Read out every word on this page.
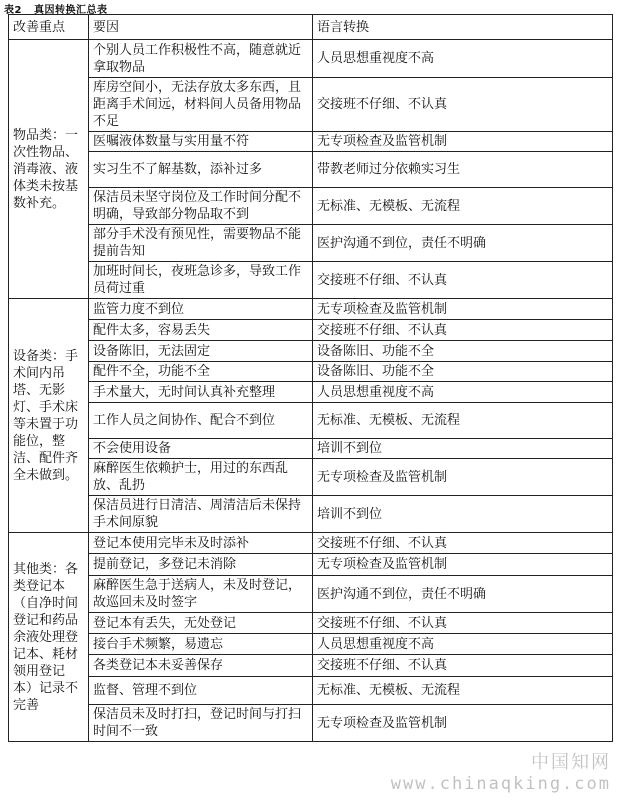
表2 真因转换汇总表
改善重点	要因	语言转换
物品类：一次性物品、消毒液、液体类未按基数补充。	个别人员工作积极性不高，随意就近拿取物品	人员思想重视度不高
	库房空间小，无法存放太多东西，且距离手术间远，材料间人员备用物品不足	交接班不仔细、不认真
	医嘱液体数量与实用量不符	无专项检查及监管机制
	实习生不了解基数，添补过多	带教老师过分依赖实习生
	保洁员未坚守岗位及工作时间分配不明确，导致部分物品取不到	无标准、无模板、无流程
	部分手术没有预见性，需要物品不能提前告知	医护沟通不到位，责任不明确
	加班时间长，夜班急诊多，导致工作员荷过重	交接班不仔细、不认真
设备类：手术间内吊塔、无影灯、手术床等未置于功能位，整洁、配件齐全未做到。	监管力度不到位	无专项检查及监管机制
	配件太多，容易丢失	交接班不仔细、不认真
	设备陈旧，无法固定	设备陈旧、功能不全
	配件不全，功能不全	设备陈旧、功能不全
	手术量大，无时间认真补充整理	人员思想重视度不高
	工作人员之间协作、配合不到位	无标准、无模板、无流程
	不会使用设备	培训不到位
	麻醉医生依赖护士，用过的东西乱放、乱扔	无专项检查及监管机制
	保洁员进行日清洁、周清洁后未保持手术间原貌	培训不到位
其他类：各类登记本（自净时间登记和药品余液处理登记本、耗材领用登记本）记录不完善	登记本使用完毕未及时添补	交接班不仔细、不认真
	提前登记，多登记未消除	无专项检查及监管机制
	麻醉医生急于送病人，未及时登记，故巡回未及时签字	医护沟通不到位，责任不明确
	登记本有丢失，无处登记	交接班不仔细、不认真
	接台手术频繁，易遗忘	人员思想重视度不高
	各类登记本未妥善保存	交接班不仔细、不认真
	监督、管理不到位	无标准、无模板、无流程
	保洁员未及时打扫，登记时间与打扫时间不一致	无专项检查及监管机制
中国知网
www.chinaqking.com
